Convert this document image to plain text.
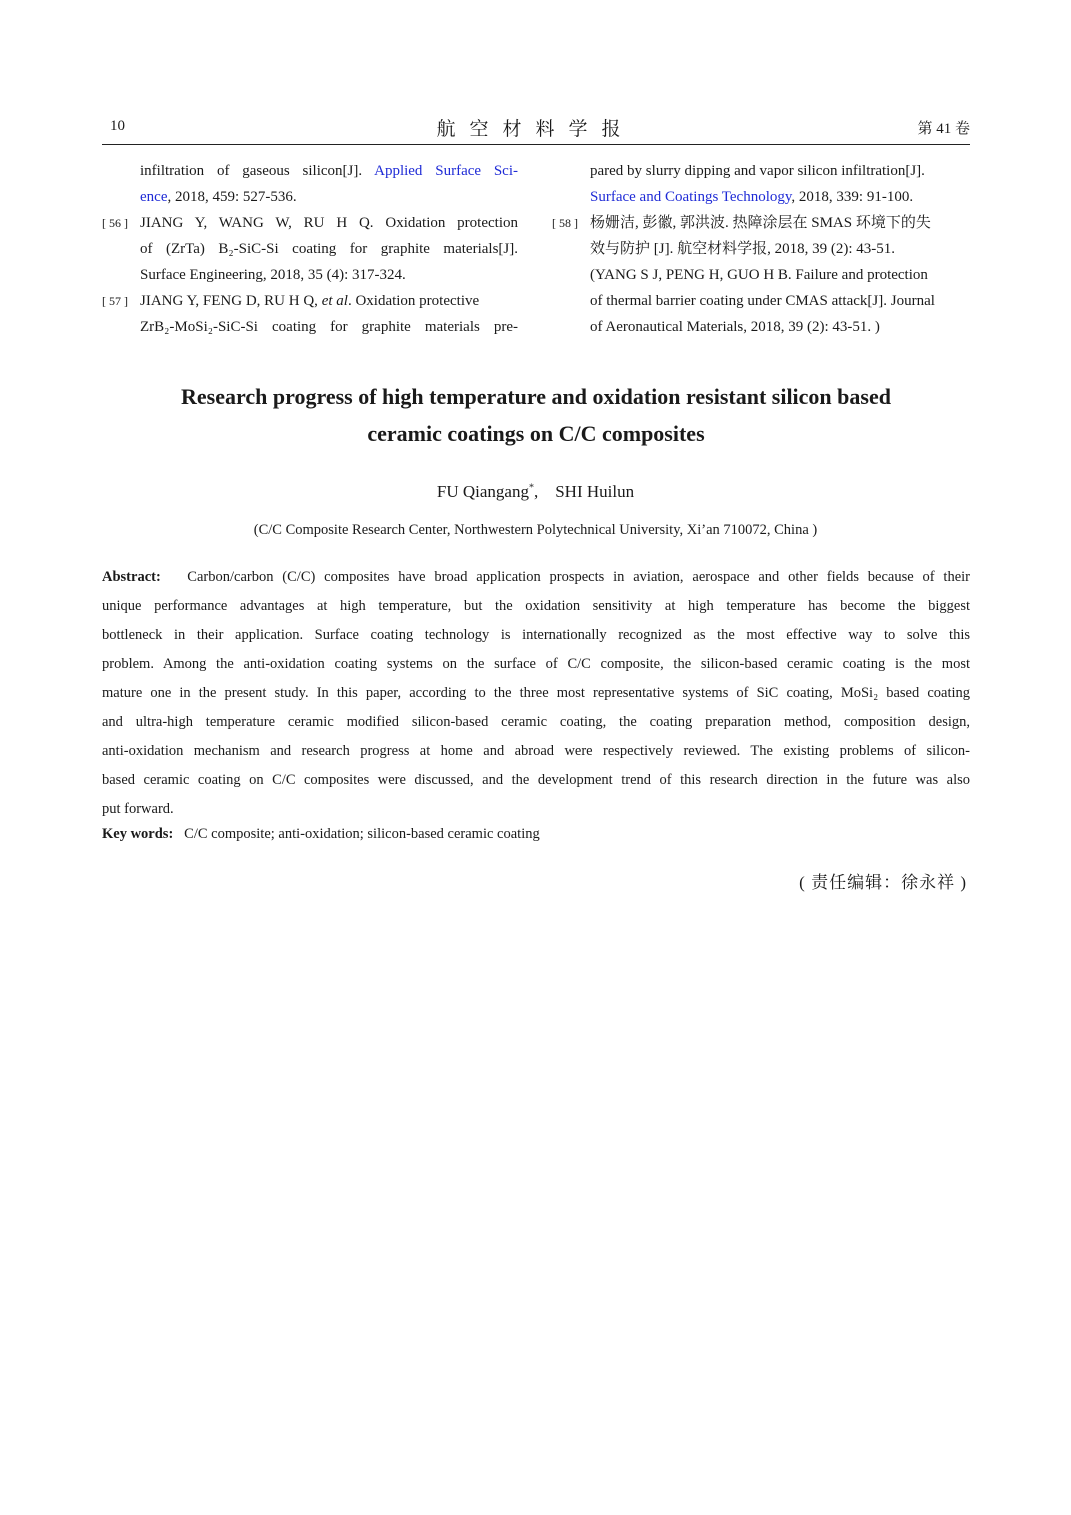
10	航空材料学报	第 41 卷
infiltration of gaseous silicon[J]. Applied Surface Sci-
ence, 2018, 459: 527-536.
[ 56 ] JIANG Y, WANG W, RU H Q. Oxidation protection
of (ZrTa) B₂-SiC-Si coating for graphite materials[J].
Surface Engineering, 2018, 35 (4): 317-324.
[ 57 ] JIANG Y, FENG D, RU H Q, et al. Oxidation protective
ZrB₂-MoSi₂-SiC-Si coating for graphite materials pre-
pared by slurry dipping and vapor silicon infiltration[J].
Surface and Coatings Technology, 2018, 339: 91-100.
[ 58 ] 杨姗洁, 彭徽, 郭洪波. 热障涂层在 SMAS 环境下的失
效与防护 [J]. 航空材料学报, 2018, 39 (2): 43-51.
(YANG S J, PENG H, GUO H B. Failure and protection
of thermal barrier coating under CMAS attack[J]. Journal
of Aeronautical Materials, 2018, 39 (2): 43-51. )
Research progress of high temperature and oxidation resistant silicon based
ceramic coatings on C/C composites
FU Qiangang*,    SHI Huilun
(C/C Composite Research Center, Northwestern Polytechnical University, Xi’an 710072, China )
Abstract: Carbon/carbon (C/C) composites have broad application prospects in aviation, aerospace and other fields because of their
unique performance advantages at high temperature, but the oxidation sensitivity at high temperature has become the biggest
bottleneck in their application. Surface coating technology is internationally recognized as the most effective way to solve this
problem. Among the anti-oxidation coating systems on the surface of C/C composite, the silicon-based ceramic coating is the most
mature one in the present study. In this paper, according to the three most representative systems of SiC coating, MoSi₂ based coating
and ultra-high temperature ceramic modified silicon-based ceramic coating, the coating preparation method, composition design,
anti-oxidation mechanism and research progress at home and abroad were respectively reviewed. The existing problems of silicon-
based ceramic coating on C/C composites were discussed, and the development trend of this research direction in the future was also
put forward.
Key words: C/C composite; anti-oxidation; silicon-based ceramic coating
( 责任编辑：徐永祥 )
